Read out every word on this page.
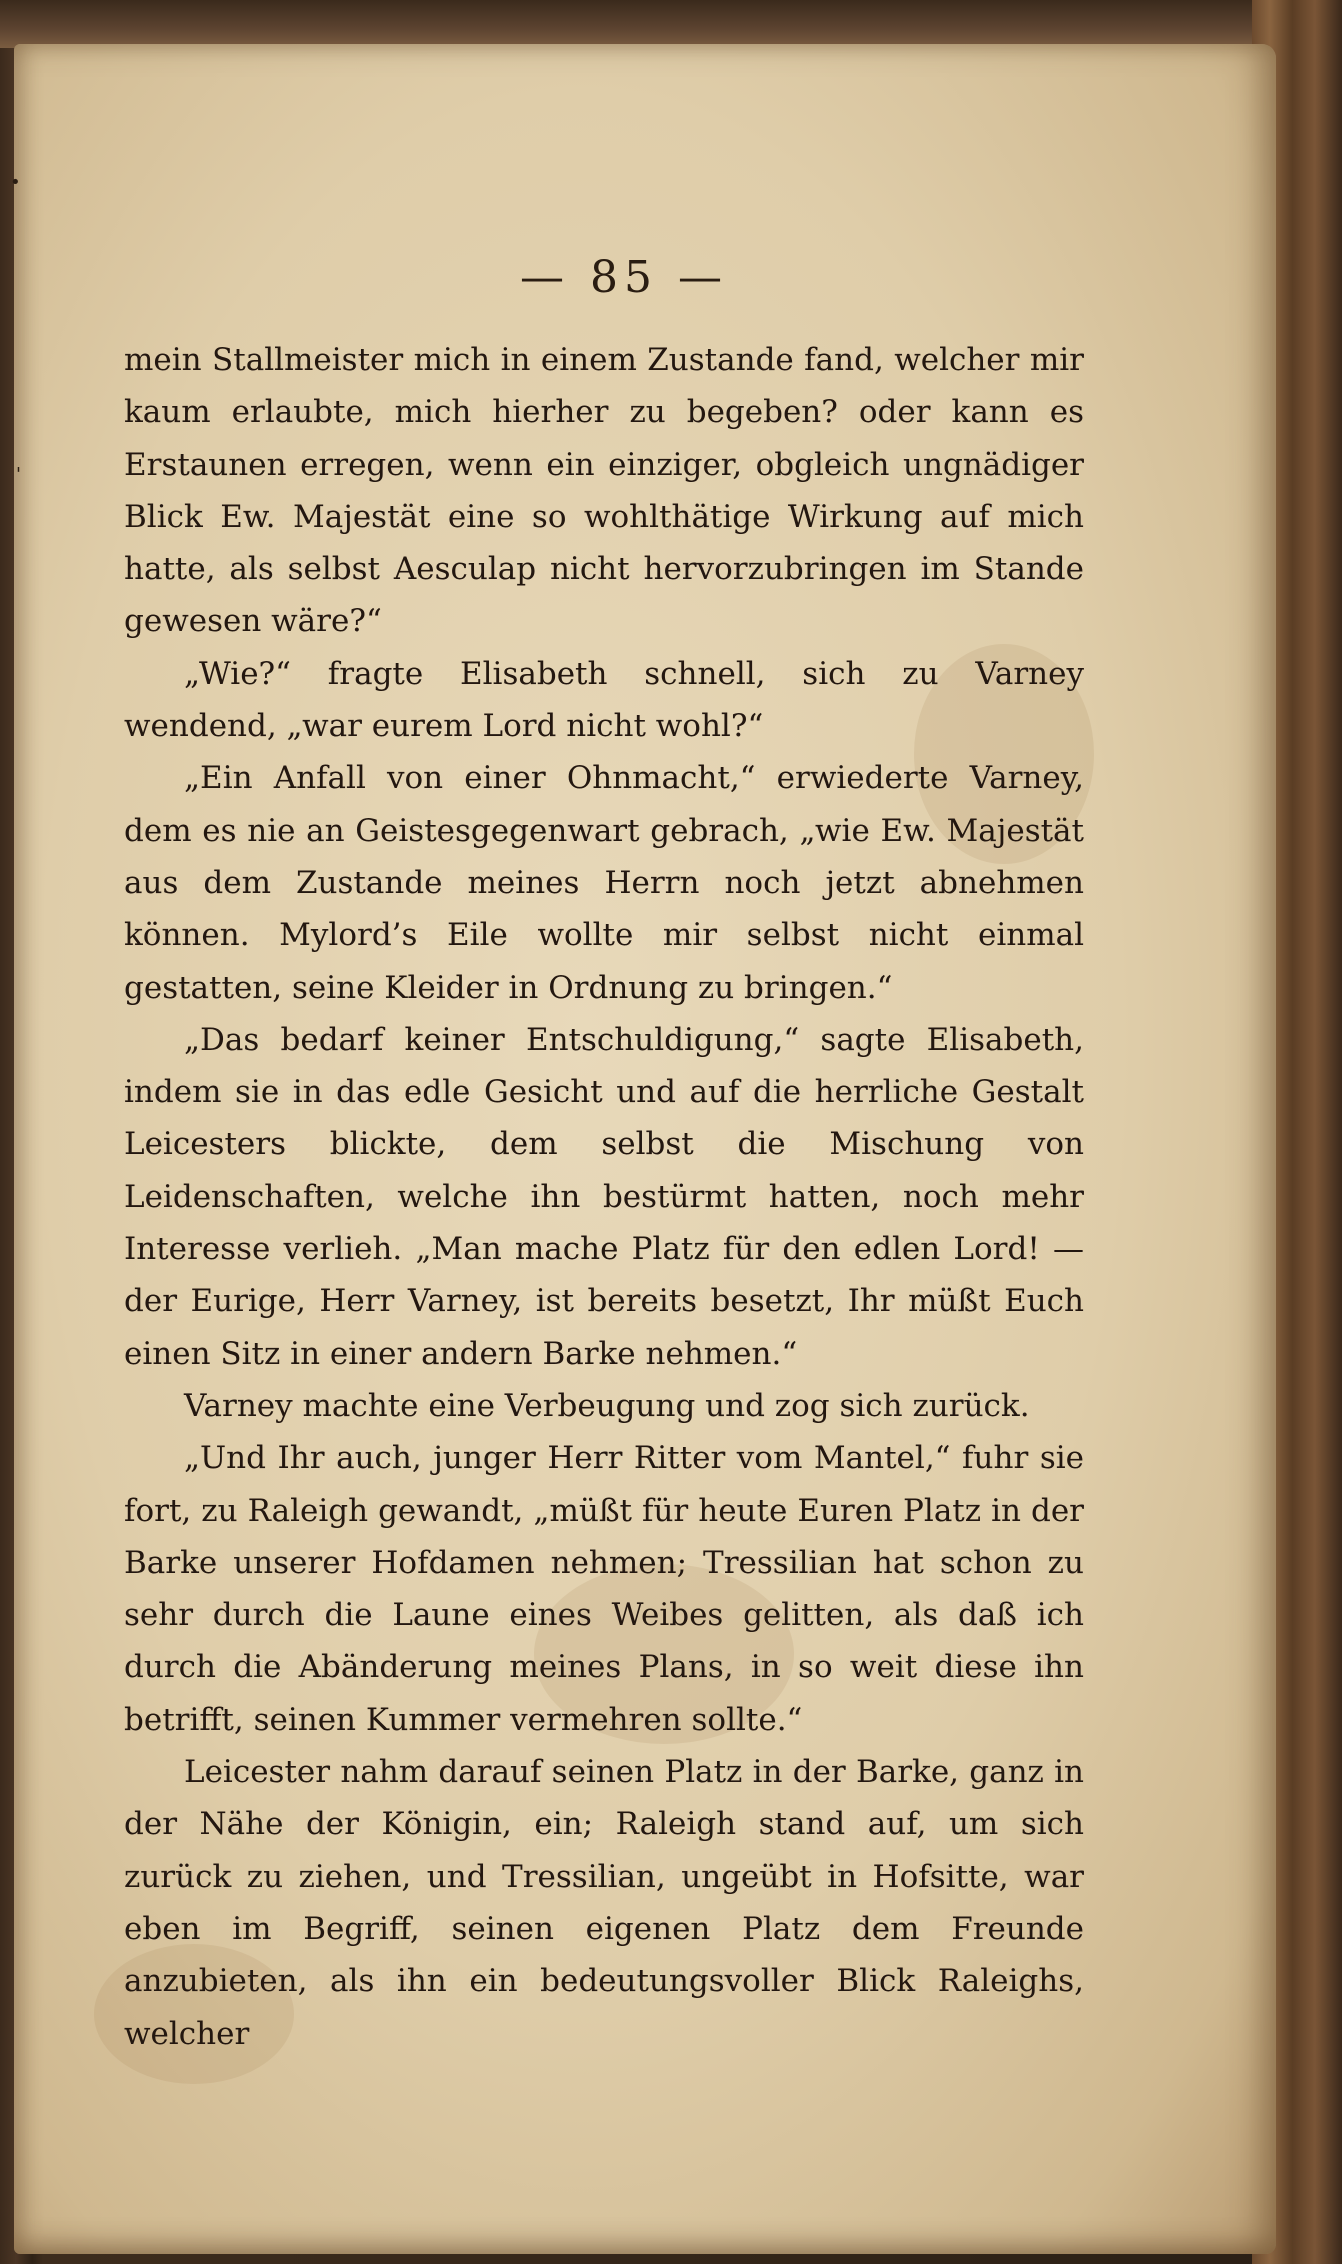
•
'
— 85 —

mein Stallmeister mich in einem Zustande fand, welcher mir kaum erlaubte, mich hierher zu begeben? oder kann es Erstaunen erregen, wenn ein einziger, obgleich ungnädiger Blick Ew. Majestät eine so wohlthätige Wirkung auf mich hatte, als selbst Aesculap nicht hervorzubringen im Stande gewesen wäre?“

„Wie?“ fragte Elisabeth schnell, sich zu Varney wendend, „war eurem Lord nicht wohl?“

„Ein Anfall von einer Ohnmacht,“ erwiederte Varney, dem es nie an Geistesgegenwart gebrach, „wie Ew. Majestät aus dem Zustande meines Herrn noch jetzt abnehmen können. Mylord’s Eile wollte mir selbst nicht einmal gestatten, seine Kleider in Ordnung zu bringen.“

„Das bedarf keiner Entschuldigung,“ sagte Elisabeth, indem sie in das edle Gesicht und auf die herrliche Gestalt Leicesters blickte, dem selbst die Mischung von Leidenschaften, welche ihn bestürmt hatten, noch mehr Interesse verlieh. „Man mache Platz für den edlen Lord! — der Eurige, Herr Varney, ist bereits besetzt, Ihr müßt Euch einen Sitz in einer andern Barke nehmen.“

Varney machte eine Verbeugung und zog sich zurück.

„Und Ihr auch, junger Herr Ritter vom Mantel,“ fuhr sie fort, zu Raleigh gewandt, „müßt für heute Euren Platz in der Barke unserer Hofdamen nehmen; Tressilian hat schon zu sehr durch die Laune eines Weibes gelitten, als daß ich durch die Abänderung meines Plans, in so weit diese ihn betrifft, seinen Kummer vermehren sollte.“

Leicester nahm darauf seinen Platz in der Barke, ganz in der Nähe der Königin, ein; Raleigh stand auf, um sich zurück zu ziehen, und Tressilian, ungeübt in Hofsitte, war eben im Begriff, seinen eigenen Platz dem Freunde anzubieten, als ihn ein bedeutungsvoller Blick Raleighs, welcher
